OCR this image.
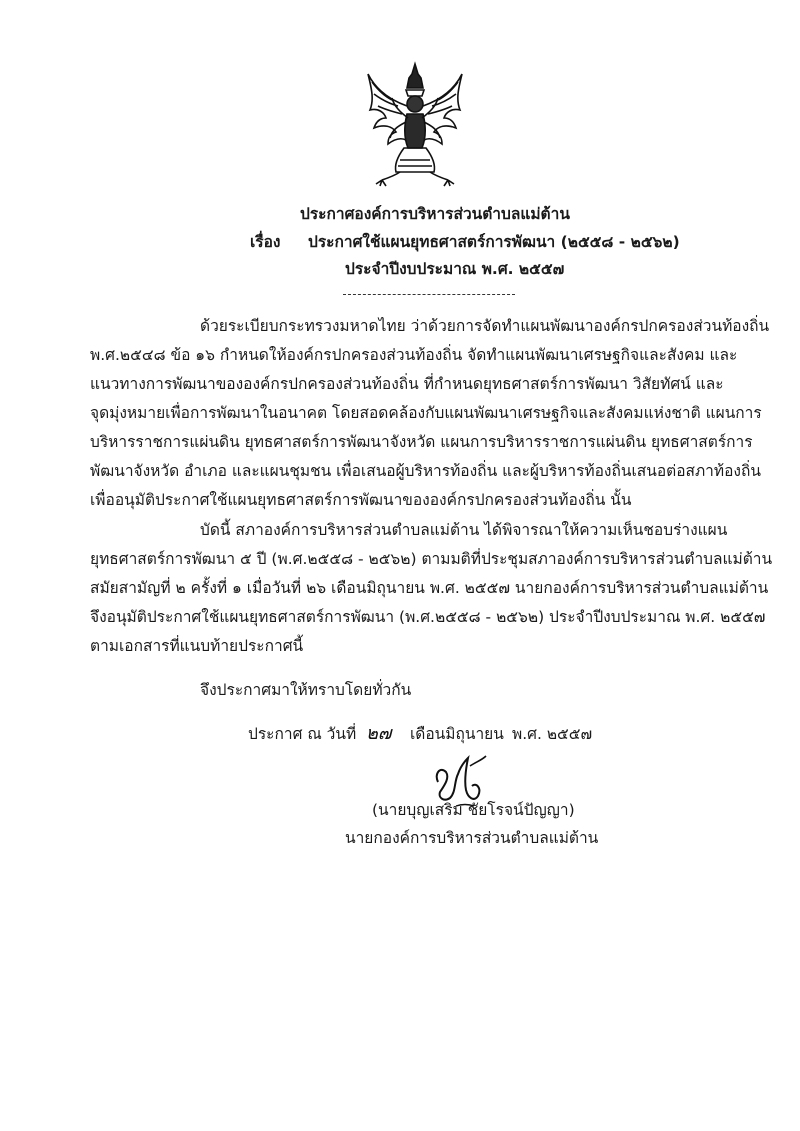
ประกาศองค์การบริหารส่วนตำบลแม่ต้าน
เรื่อง ประกาศใช้แผนยุทธศาสตร์การพัฒนา (๒๕๕๘ - ๒๕๖๒)
ประจำปีงบประมาณ พ.ศ. ๒๕๕๗
ด้วยระเบียบกระทรวงมหาดไทย ว่าด้วยการจัดทำแผนพัฒนาองค์กรปกครองส่วนท้องถิ่น
พ.ศ.๒๕๔๘ ข้อ ๑๖ กำหนดให้องค์กรปกครองส่วนท้องถิ่น จัดทำแผนพัฒนาเศรษฐกิจและสังคม และ
แนวทางการพัฒนาขององค์กรปกครองส่วนท้องถิ่น ที่กำหนดยุทธศาสตร์การพัฒนา วิสัยทัศน์ และ
จุดมุ่งหมายเพื่อการพัฒนาในอนาคต โดยสอดคล้องกับแผนพัฒนาเศรษฐกิจและสังคมแห่งชาติ แผนการ
บริหารราชการแผ่นดิน ยุทธศาสตร์การพัฒนาจังหวัด แผนการบริหารราชการแผ่นดิน ยุทธศาสตร์การ
พัฒนาจังหวัด อำเภอ และแผนชุมชน เพื่อเสนอผู้บริหารท้องถิ่น และผู้บริหารท้องถิ่นเสนอต่อสภาท้องถิ่น
เพื่ออนุมัติประกาศใช้แผนยุทธศาสตร์การพัฒนาขององค์กรปกครองส่วนท้องถิ่น นั้น
บัดนี้ สภาองค์การบริหารส่วนตำบลแม่ต้าน ได้พิจารณาให้ความเห็นชอบร่างแผน
ยุทธศาสตร์การพัฒนา ๕ ปี (พ.ศ.๒๕๕๘ - ๒๕๖๒) ตามมติที่ประชุมสภาองค์การบริหารส่วนตำบลแม่ต้าน
สมัยสามัญที่ ๒ ครั้งที่ ๑ เมื่อวันที่ ๒๖ เดือนมิถุนายน พ.ศ. ๒๕๕๗ นายกองค์การบริหารส่วนตำบลแม่ต้าน
จึงอนุมัติประกาศใช้แผนยุทธศาสตร์การพัฒนา (พ.ศ.๒๕๕๘ - ๒๕๖๒) ประจำปีงบประมาณ พ.ศ. ๒๕๕๗
ตามเอกสารที่แนบท้ายประกาศนี้
จึงประกาศมาให้ทราบโดยทั่วกัน
ประกาศ ณ วันที่ ๒๗ เดือนมิถุนายน พ.ศ. ๒๕๕๗
(นายบุญเสริม ชัยโรจน์ปัญญา)
นายกองค์การบริหารส่วนตำบลแม่ต้าน
